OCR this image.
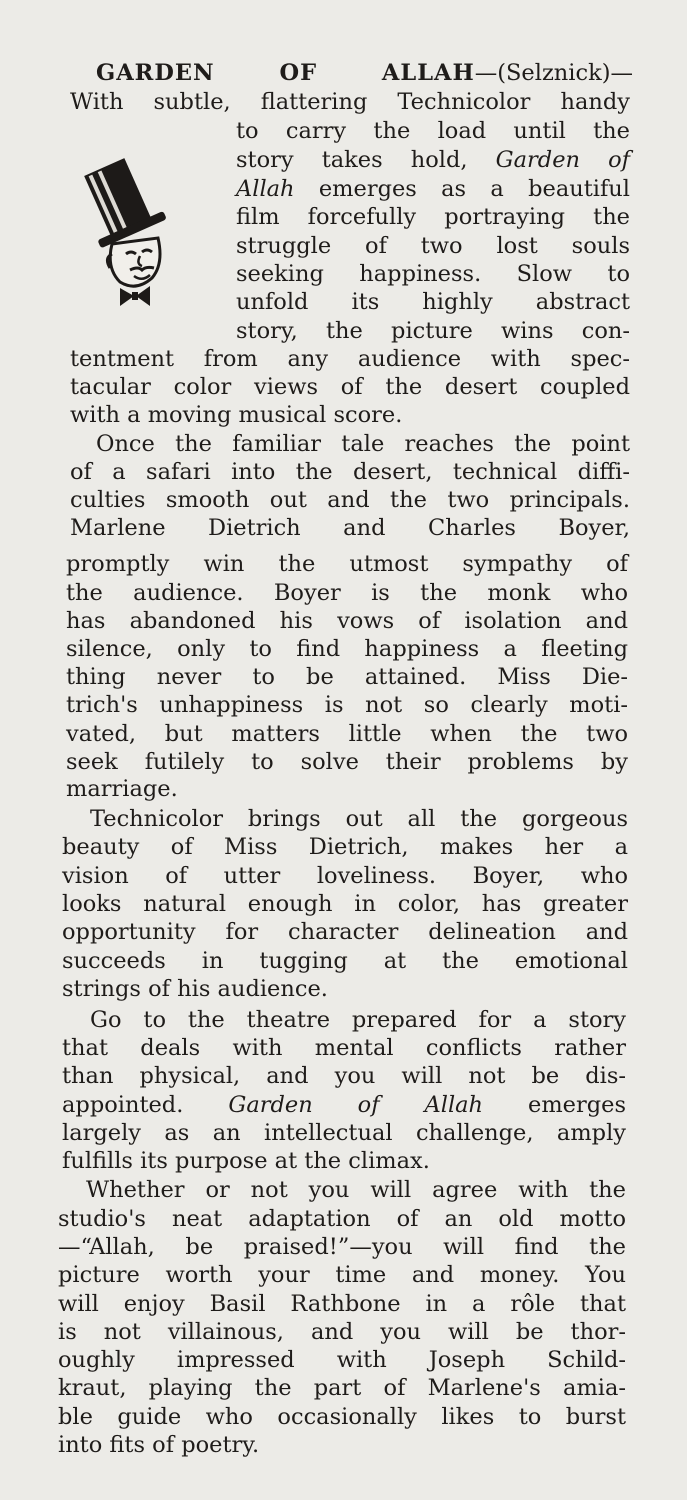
GARDEN OF ALLAH—(Selznick)—
With subtle, flattering Technicolor handy
to carry the load until the
story takes hold, Garden of
Allah emerges as a beautiful
film forcefully portraying the
struggle of two lost souls
seeking happiness. Slow to
unfold its highly abstract
story, the picture wins con-
tentment from any audience with spec-
tacular color views of the desert coupled
with a moving musical score.
Once the familiar tale reaches the point
of a safari into the desert, technical diffi-
culties smooth out and the two principals.
Marlene Dietrich and Charles Boyer,
promptly win the utmost sympathy of
the audience. Boyer is the monk who
has abandoned his vows of isolation and
silence, only to find happiness a fleeting
thing never to be attained. Miss Die-
trich's unhappiness is not so clearly moti-
vated, but matters little when the two
seek futilely to solve their problems by
marriage.
Technicolor brings out all the gorgeous
beauty of Miss Dietrich, makes her a
vision of utter loveliness. Boyer, who
looks natural enough in color, has greater
opportunity for character delineation and
succeeds in tugging at the emotional
strings of his audience.
Go to the theatre prepared for a story
that deals with mental conflicts rather
than physical, and you will not be dis-
appointed. Garden of Allah emerges
largely as an intellectual challenge, amply
fulfills its purpose at the climax.
Whether or not you will agree with the
studio's neat adaptation of an old motto
—“Allah, be praised!”—you will find the
picture worth your time and money. You
will enjoy Basil Rathbone in a rôle that
is not villainous, and you will be thor-
oughly impressed with Joseph Schild-
kraut, playing the part of Marlene's amia-
ble guide who occasionally likes to burst
into fits of poetry.
